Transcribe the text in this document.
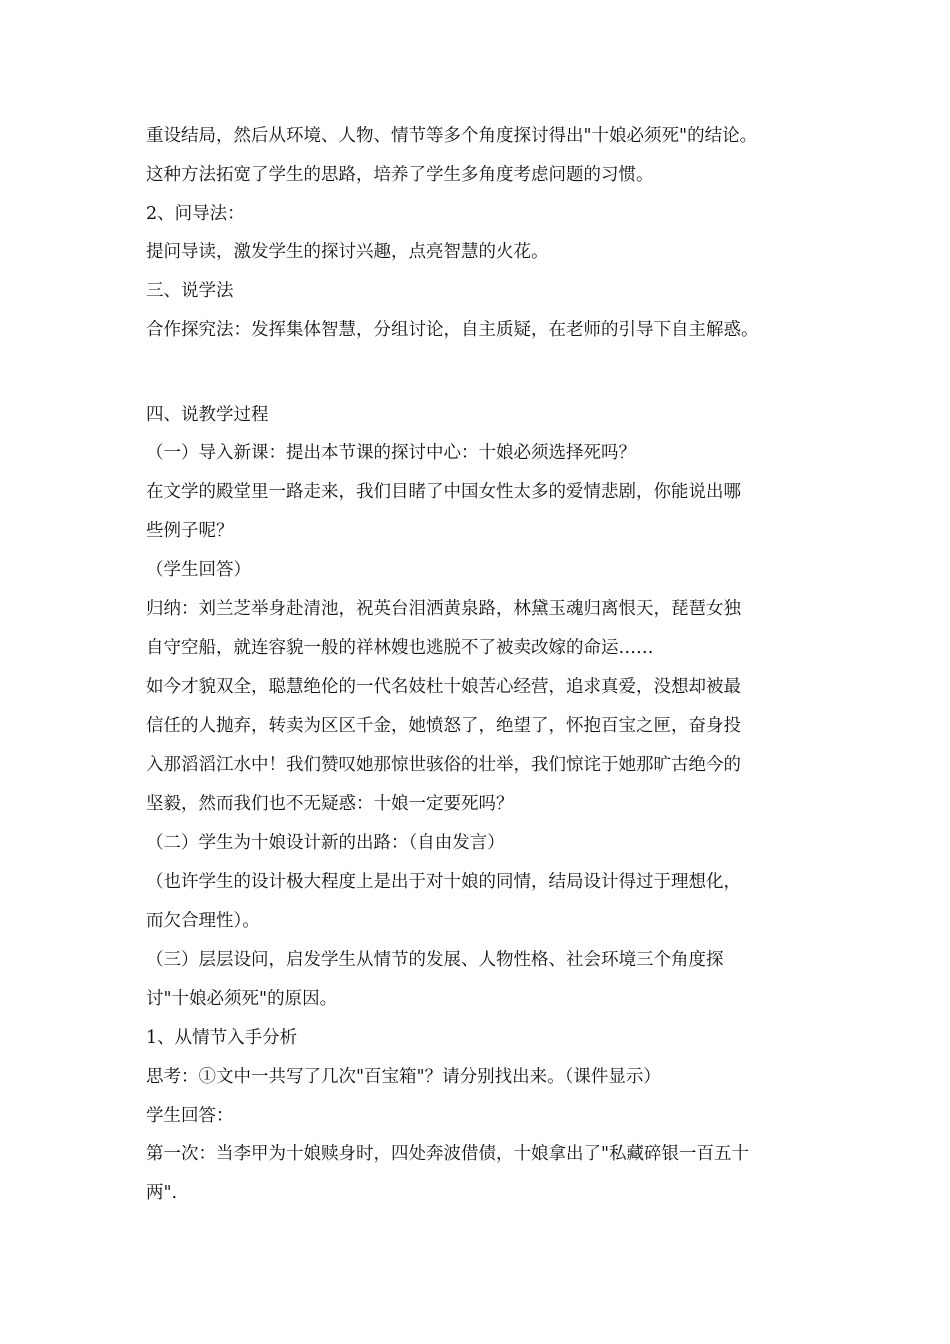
重设结局，然后从环境、人物、情节等多个角度探讨得出"十娘必须死"的结论。

这种方法拓宽了学生的思路，培养了学生多角度考虑问题的习惯。

2、问导法：

提问导读，激发学生的探讨兴趣，点亮智慧的火花。

三、说学法

合作探究法：发挥集体智慧，分组讨论，自主质疑，在老师的引导下自主解惑。

四、说教学过程

（一）导入新课：提出本节课的探讨中心：十娘必须选择死吗？

在文学的殿堂里一路走来，我们目睹了中国女性太多的爱情悲剧，你能说出哪

些例子呢？

（学生回答）

归纳：刘兰芝举身赴清池，祝英台泪洒黄泉路，林黛玉魂归离恨天，琵琶女独

自守空船，就连容貌一般的祥林嫂也逃脱不了被卖改嫁的命运……

如今才貌双全，聪慧绝伦的一代名妓杜十娘苦心经营，追求真爱，没想却被最

信任的人抛弃，转卖为区区千金，她愤怒了，绝望了，怀抱百宝之匣，奋身投

入那滔滔江水中！我们赞叹她那惊世骇俗的壮举，我们惊诧于她那旷古绝今的

坚毅，然而我们也不无疑惑：十娘一定要死吗？

（二）学生为十娘设计新的出路：（自由发言）

（也许学生的设计极大程度上是出于对十娘的同情，结局设计得过于理想化，

而欠合理性）。

（三）层层设问，启发学生从情节的发展、人物性格、社会环境三个角度探

讨"十娘必须死"的原因。

1、从情节入手分析

思考：①文中一共写了几次"百宝箱"？请分别找出来。（课件显示）

学生回答：

第一次：当李甲为十娘赎身时，四处奔波借债，十娘拿出了"私藏碎银一百五十

两".
